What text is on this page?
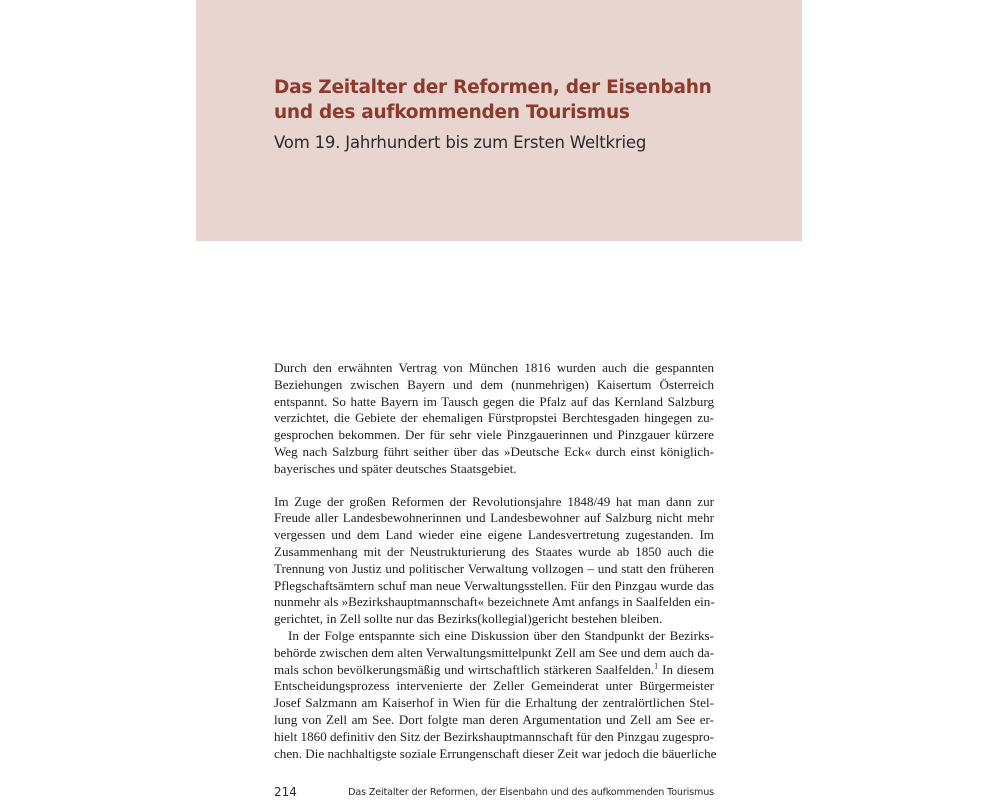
Das Zeitalter der Reformen, der Eisenbahn
und des aufkommenden Tourismus
Vom 19. Jahrhundert bis zum Ersten Weltkrieg

Durch den erwähnten Vertrag von München 1816 wurden auch die gespannten
Beziehungen zwischen Bayern und dem (nunmehrigen) Kaisertum Österreich
entspannt. So hatte Bayern im Tausch gegen die Pfalz auf das Kernland Salzburg
verzichtet, die Gebiete der ehemaligen Fürstpropstei Berchtesgaden hingegen zu-
gesprochen bekommen. Der für sehr viele Pinzgauerinnen und Pinzgauer kürzere
Weg nach Salzburg führt seither über das »Deutsche Eck« durch einst königlich-
bayerisches und später deutsches Staatsgebiet.

Im Zuge der großen Reformen der Revolutionsjahre 1848/49 hat man dann zur
Freude aller Landesbewohnerinnen und Landesbewohner auf Salzburg nicht mehr
vergessen und dem Land wieder eine eigene Landesvertretung zugestanden. Im
Zusammenhang mit der Neustrukturierung des Staates wurde ab 1850 auch die
Trennung von Justiz und politischer Verwaltung vollzogen – und statt den früheren
Pflegschaftsämtern schuf man neue Verwaltungsstellen. Für den Pinzgau wurde das
nunmehr als »Bezirkshauptmannschaft« bezeichnete Amt anfangs in Saalfelden ein-
gerichtet, in Zell sollte nur das Bezirks(kollegial)gericht bestehen bleiben.

In der Folge entspannte sich eine Diskussion über den Standpunkt der Bezirks-
behörde zwischen dem alten Verwaltungsmittelpunkt Zell am See und dem auch da-
mals schon bevölkerungsmäßig und wirtschaftlich stärkeren Saalfelden.$^1$ In diesem
Entscheidungsprozess intervenierte der Zeller Gemeinderat unter Bürgermeister
Josef Salzmann am Kaiserhof in Wien für die Erhaltung der zentralörtlichen Stel-
lung von Zell am See. Dort folgte man deren Argumentation und Zell am See er-
hielt 1860 definitiv den Sitz der Bezirkshauptmannschaft für den Pinzgau zugespro-
chen. Die nachhaltigste soziale Errungenschaft dieser Zeit war jedoch die bäuerliche

214	Das Zeitalter der Reformen, der Eisenbahn und des aufkommenden Tourismus
